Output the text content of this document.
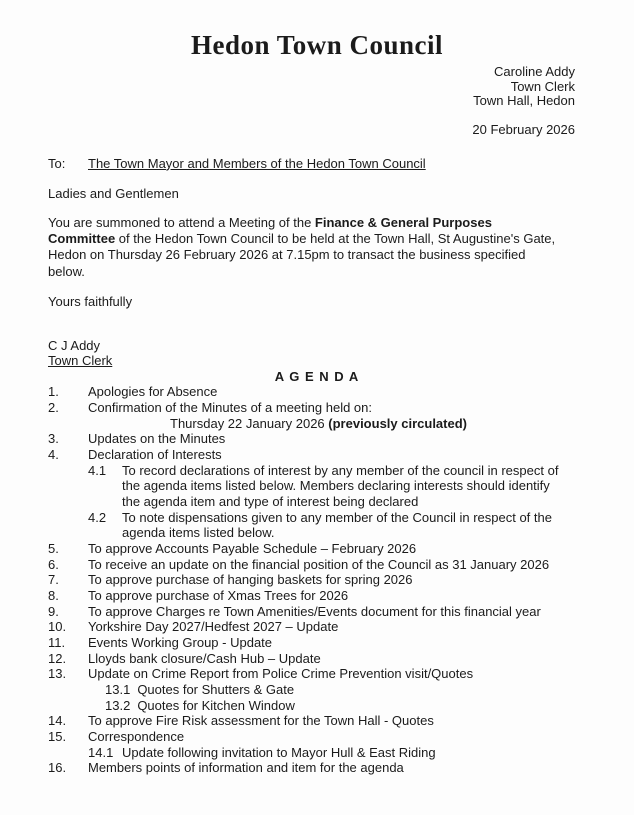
Hedon Town Council
Caroline Addy
Town Clerk
Town Hall, Hedon
20 February 2026
To:	The Town Mayor and Members of the Hedon Town Council
Ladies and Gentlemen

You are summoned to attend a Meeting of the Finance & General Purposes Committee of the Hedon Town Council to be held at the Town Hall, St Augustine's Gate, Hedon on Thursday 26 February 2026 at 7.15pm to transact the business specified below.

Yours faithfully
C J Addy
Town Clerk
A G E N D A
1.	Apologies for Absence
2.	Confirmation of the Minutes of a meeting held on:
Thursday 22 January 2026 (previously circulated)
3.	Updates on the Minutes
4.	Declaration of Interests
4.1	To record declarations of interest by any member of the council in respect of the agenda items listed below. Members declaring interests should identify the agenda item and type of interest being declared
4.2	To note dispensations given to any member of the Council in respect of the agenda items listed below.
5.	To approve Accounts Payable Schedule – February 2026
6.	To receive an update on the financial position of the Council as 31 January 2026
7.	To approve purchase of hanging baskets for spring 2026
8.	To approve purchase of Xmas Trees for 2026
9.	To approve Charges re Town Amenities/Events document for this financial year
10.	Yorkshire Day 2027/Hedfest 2027 – Update
11.	Events Working Group - Update
12.	Lloyds bank closure/Cash Hub – Update
13.	Update on Crime Report from Police Crime Prevention visit/Quotes
13.1 Quotes for Shutters & Gate
13.2 Quotes for Kitchen Window
14.	To approve Fire Risk assessment for the Town Hall - Quotes
15.	Correspondence
14.1 Update following invitation to Mayor Hull & East Riding
16.	Members points of information and item for the agenda
